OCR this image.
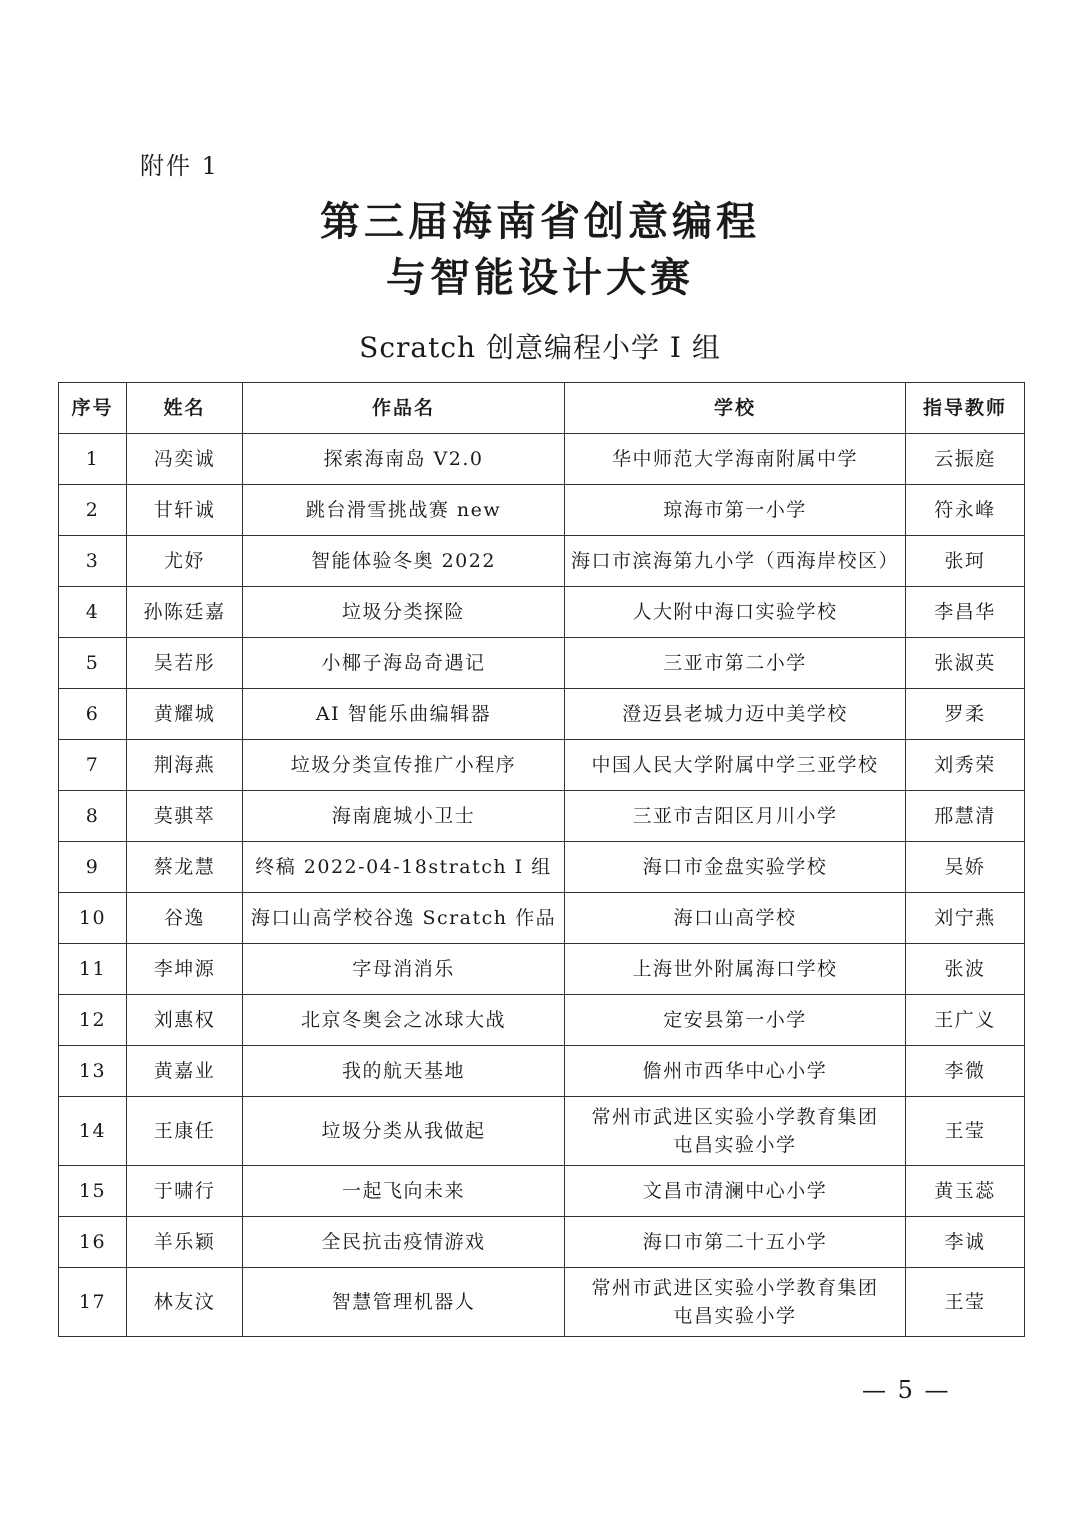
附件 1
第三届海南省创意编程
与智能设计大赛
Scratch 创意编程小学 I 组
序号	姓名	作品名	学校	指导教师
1	冯奕诚	探索海南岛 V2.0	华中师范大学海南附属中学	云振庭
2	甘轩诚	跳台滑雪挑战赛 new	琼海市第一小学	符永峰
3	尤妤	智能体验冬奥 2022	海口市滨海第九小学（西海岸校区）	张珂
4	孙陈廷嘉	垃圾分类探险	人大附中海口实验学校	李昌华
5	吴若彤	小椰子海岛奇遇记	三亚市第二小学	张淑英
6	黄耀城	AI 智能乐曲编辑器	澄迈县老城力迈中美学校	罗柔
7	荆海燕	垃圾分类宣传推广小程序	中国人民大学附属中学三亚学校	刘秀荣
8	莫骐萃	海南鹿城小卫士	三亚市吉阳区月川小学	邢慧清
9	蔡龙慧	终稿 2022-04-18stratch Ⅰ 组	海口市金盘实验学校	吴娇
10	谷逸	海口山高学校谷逸 Scratch 作品	海口山高学校	刘宁燕
11	李坤源	字母消消乐	上海世外附属海口学校	张波
12	刘惠权	北京冬奥会之冰球大战	定安县第一小学	王广义
13	黄嘉业	我的航天基地	儋州市西华中心小学	李微
14	王康任	垃圾分类从我做起	常州市武进区实验小学教育集团
屯昌实验小学	王莹
15	于啸行	一起飞向未来	文昌市清澜中心小学	黄玉蕊
16	羊乐颖	全民抗击疫情游戏	海口市第二十五小学	李诚
17	林友汶	智慧管理机器人	常州市武进区实验小学教育集团
屯昌实验小学	王莹
— 5 —
